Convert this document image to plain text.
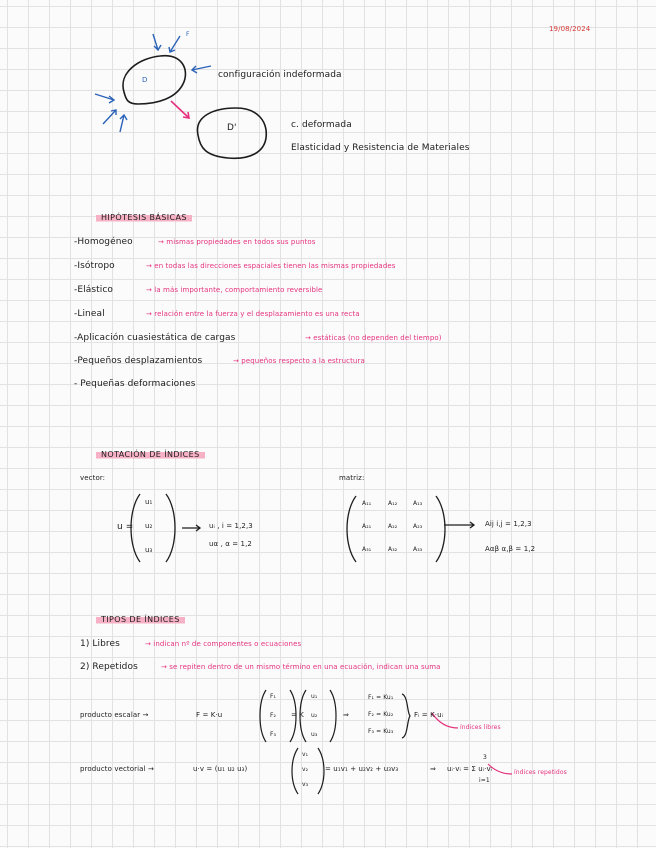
19/08/2024
D
D'
F
configuración indeformada
c. deformada
Elasticidad y Resistencia de Materiales
HIPÓTESIS BÁSICAS
-Homogéneo	→ mismas propiedades en todos sus puntos
-Isótropo	→ en todas las direcciones espaciales tienen las mismas propiedades
-Elástico	→ la más importante, comportamiento reversible
-Lineal	→ relación entre la fuerza y el desplazamiento es una recta
-Aplicación cuasiestática de cargas	→ estáticas (no dependen del tiempo)
-Pequeños desplazamientos	→ pequeños respecto a la estructura
- Pequeñas deformaciones
NOTACIÓN DE ÍNDICES
vector:
u =
u₁
u₂
u₃
uᵢ , i = 1,2,3
uα , α = 1,2
matriz:
A₁₁	A₁₂	A₁₃
A₂₁	A₂₂	A₂₃
A₃₁	A₃₂	A₃₃
Aij i,j = 1,2,3
Aαβ α,β = 1,2
TIPOS DE ÍNDICES
1) Libres	→ indican nº de componentes o ecuaciones
2) Repetidos	→ se repiten dentro de un mismo término en una ecuación, indican una suma
producto escalar →	F = K·u
F₁
F₂
F₃
= K
u₁
u₂
u₃
⇒
F₁ = Ku₁
F₂ = Ku₂
F₃ = Ku₃
Fᵢ = K·uᵢ
índices libres
producto vectorial →	u·v = (u₁ u₂ u₃)
v₁
v₂
v₃
= u₁v₁ + u₂v₂ + u₃v₃	⇒ uᵢ·vᵢ = Σ uᵢ·vᵢ
3
i=1
índices repetidos
